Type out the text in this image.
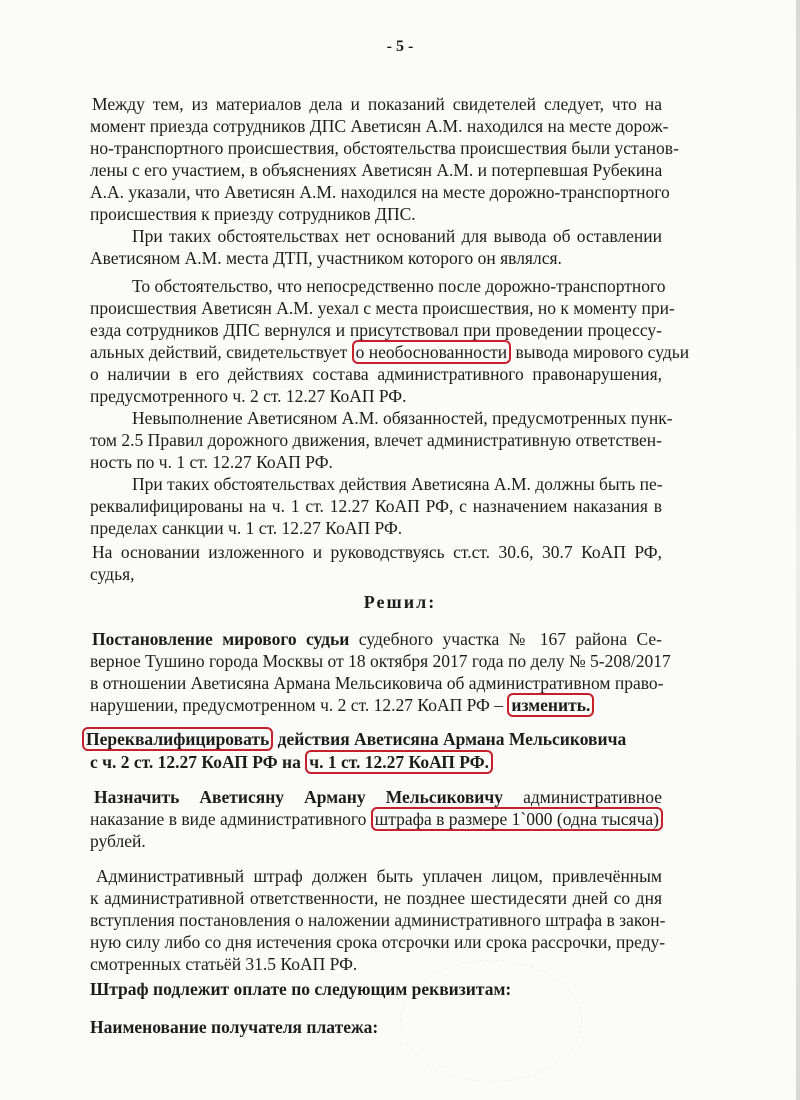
- 5 -
Между тем, из материалов дела и показаний свидетелей следует, что на
момент приезда сотрудников ДПС Аветисян А.М. находился на месте дорож-
но-транспортного происшествия, обстоятельства происшествия были установ-
лены с его участием, в объяснениях Аветисян А.М. и потерпевшая Рубекина
А.А. указали, что Аветисян А.М. находился на месте дорожно-транспортного
происшествия к приезду сотрудников ДПС.
При таких обстоятельствах нет оснований для вывода об оставлении
Аветисяном А.М. места ДТП, участником которого он являлся.
То обстоятельство, что непосредственно после дорожно-транспортного
происшествия Аветисян А.М. уехал с места происшествия, но к моменту при-
езда сотрудников ДПС вернулся и присутствовал при проведении процессу-
альных действий, свидетельствует о необоснованности вывода мирового судьи
о наличии в его действиях состава административного правонарушения,
предусмотренного ч. 2 ст. 12.27 КоАП РФ.
Невыполнение Аветисяном А.М. обязанностей, предусмотренных пунк-
том 2.5 Правил дорожного движения, влечет административную ответствен-
ность по ч. 1 ст. 12.27 КоАП РФ.
При таких обстоятельствах действия Аветисяна А.М. должны быть пе-
реквалифицированы на ч. 1 ст. 12.27 КоАП РФ, с назначением наказания в
пределах санкции ч. 1 ст. 12.27 КоАП РФ.
На основании изложенного и руководствуясь ст.ст. 30.6, 30.7 КоАП РФ,
судья,
Решил:
Постановление мирового судьи судебного участка № 167 района Се-
верное Тушино города Москвы от 18 октября 2017 года по делу № 5-208/2017
в отношении Аветисяна Армана Мельсиковича об административном право-
нарушении, предусмотренном ч. 2 ст. 12.27 КоАП РФ – изменить.
Переквалифицировать действия Аветисяна Армана Мельсиковича
с ч. 2 ст. 12.27 КоАП РФ на ч. 1 ст. 12.27 КоАП РФ.
Назначить Аветисяну Арману Мельсиковичу административное
наказание в виде административного штрафа в размере 1`000 (одна тысяча)
рублей.
Административный штраф должен быть уплачен лицом, привлечённым
к административной ответственности, не позднее шестидесяти дней со дня
вступления постановления о наложении административного штрафа в закон-
ную силу либо со дня истечения срока отсрочки или срока рассрочки, преду-
смотренных статьёй 31.5 КоАП РФ.
Штраф подлежит оплате по следующим реквизитам:
Наименование получателя платежа:
